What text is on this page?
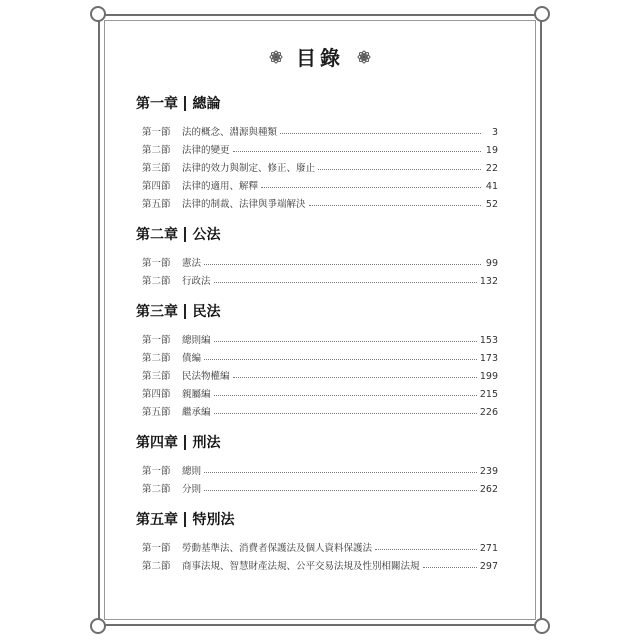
目錄
第一章 總論
第一節	法的概念、淵源與種類	3
第二節	法律的變更	19
第三節	法律的效力與制定、修正、廢止	22
第四節	法律的適用、解釋	41
第五節	法律的制裁、法律與爭端解決	52
第二章 公法
第一節	憲法	99
第二節	行政法	132
第三章 民法
第一節	總則編	153
第二節	債編	173
第三節	民法物權編	199
第四節	親屬編	215
第五節	繼承編	226
第四章 刑法
第一節	總則	239
第二節	分則	262
第五章 特別法
第一節	勞動基準法、消費者保護法及個人資料保護法	271
第二節	商事法規、智慧財產法規、公平交易法規及性別相關法規	297
